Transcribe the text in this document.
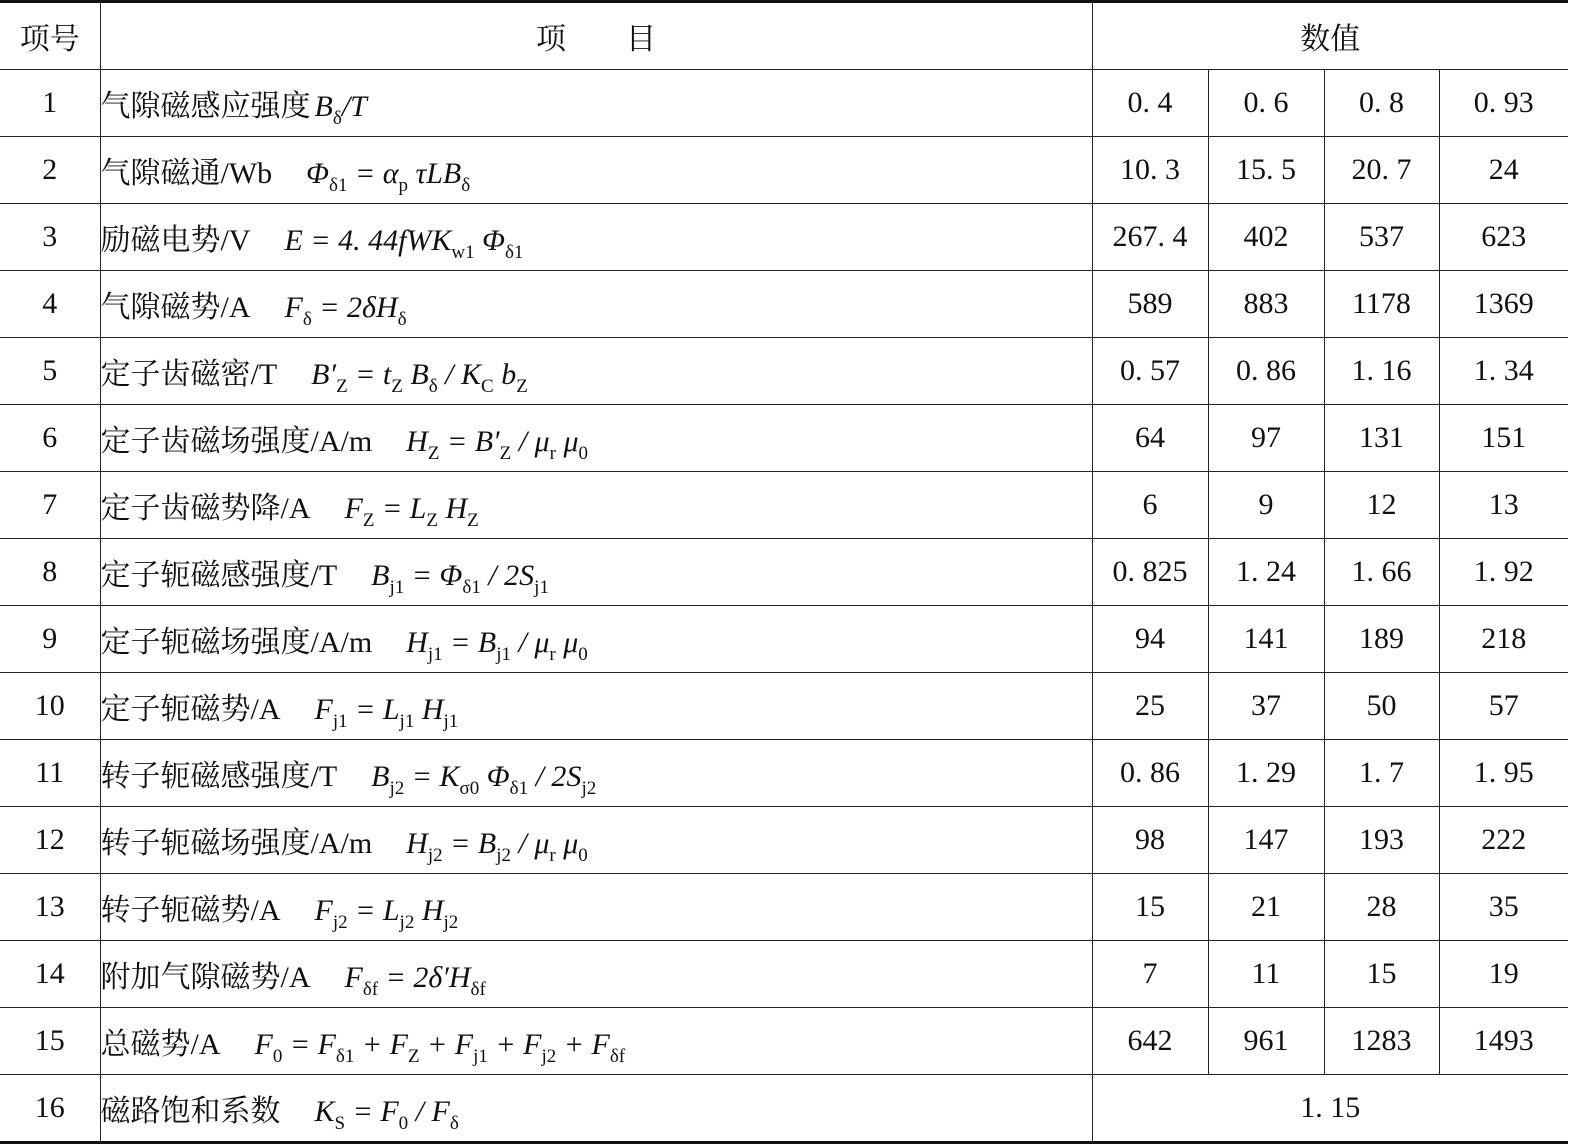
项号	项　　目	数值			
1	气隙磁感应强度 $B_\delta/T$	0. 4	0. 6	0. 8	0. 93
2	气隙磁通/Wb $\Phi_{\delta 1} = \alpha_p$ τLB$_\delta$	10. 3	15. 5	20. 7	24
3	励磁电势/V E = 4. 44fWK$_{w1}$ $\Phi_{\delta 1}$	267. 4	402	537	623
4	气隙磁势/A $F_\delta = 2\delta H_\delta$	589	883	1178	1369
5	定子齿磁密/T $B'_Z = t_Z$ $B_\delta / K_C$ $b_Z$	0. 57	0. 86	1. 16	1. 34
6	定子齿磁场强度/A/m $H_Z = B'_Z / \mu_r$ $\mu_0$	64	97	131	151
7	定子齿磁势降/A $F_Z = L_Z$ $H_Z$	6	9	12	13
8	定子轭磁感强度/T $B_{j1} = \Phi_{\delta 1} / 2S_{j1}$	0. 825	1. 24	1. 66	1. 92
9	定子轭磁场强度/A/m $H_{j1} = B_{j1} / \mu_r$ $\mu_0$	94	141	189	218
10	定子轭磁势/A $F_{j1} = L_{j1}$ $H_{j1}$	25	37	50	57
11	转子轭磁感强度/T $B_{j2} = K_{\sigma 0}$ $\Phi_{\delta 1} / 2S_{j2}$	0. 86	1. 29	1. 7	1. 95
12	转子轭磁场强度/A/m $H_{j2} = B_{j2} / \mu_r$ $\mu_0$	98	147	193	222
13	转子轭磁势/A $F_{j2} = L_{j2}$ $H_{j2}$	15	21	28	35
14	附加气隙磁势/A $F_{\delta f} = 2\delta'H_{\delta f}$	7	11	15	19
15	总磁势/A $F_0 = F_{\delta 1} + F_Z + F_{j1} + F_{j2} + F_{\delta f}$	642	961	1283	1493
16	磁路饱和系数 $K_S = F_0 / F_\delta$	1. 15			
